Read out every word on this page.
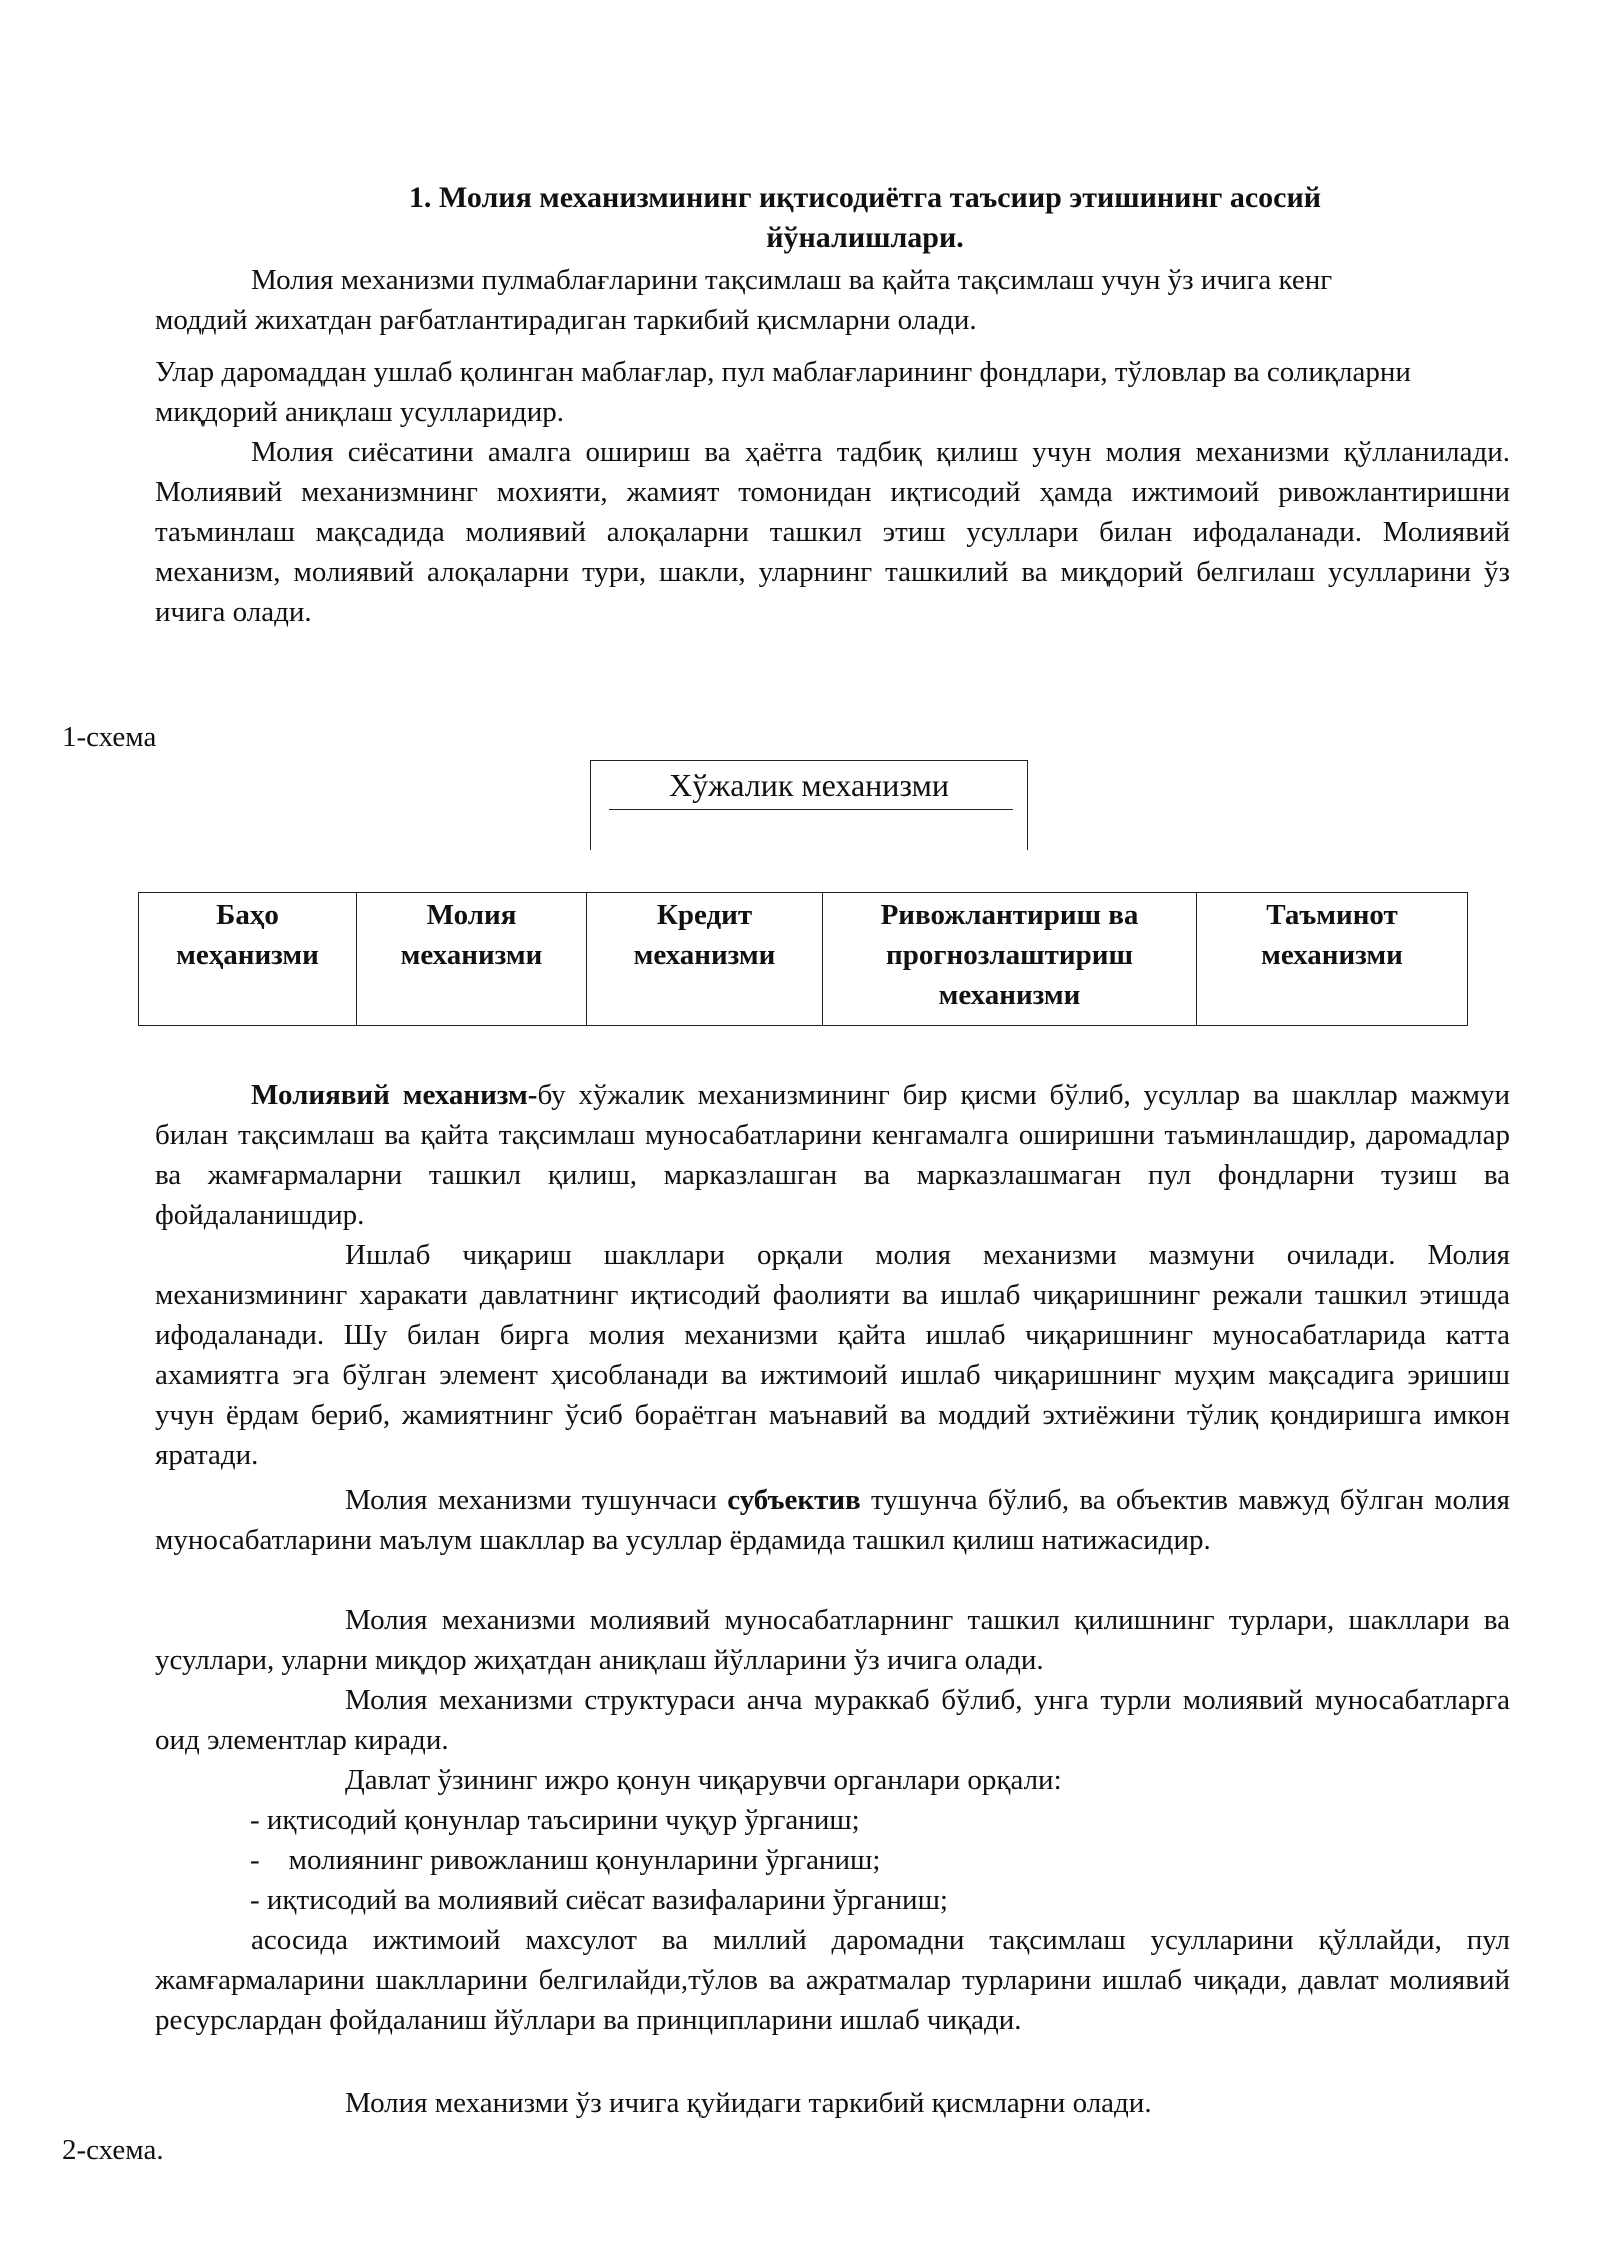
1. Молия механизмининг иқтисодиётга таъсиир этишининг асосий
йўналишлари.
Молия механизми пулмаблағларини тақсимлаш ва қайта тақсимлаш учун ўз ичига кенг
моддий жихатдан рағбатлантирадиган таркибий қисмларни олади.
Улар даромаддан ушлаб қолинган маблағлар, пул маблағларининг фондлари, тўловлар ва солиқларни миқдорий аниқлаш усулларидир.
Молия сиёсатини амалга ошириш ва ҳаётга тадбиқ қилиш учун молия механизми қўлланилади. Молиявий механизмнинг мохияти, жамият томонидан иқтисодий ҳамда ижтимоий ривожлантиришни таъминлаш мақсадида молиявий алоқаларни ташкил этиш усуллари билан ифодаланади. Молиявий механизм, молиявий алоқаларни тури, шакли, уларнинг ташкилий ва миқдорий белгилаш усулларини ўз ичига олади.
1-схема
Хўжалик механизми
Баҳо
меҳанизми
Молия
механизми
Кредит
механизми
Ривожлантириш ва
прогнозлаштириш
механизми
Таъминот
механизми
Молиявий механизм-бу хўжалик механизмининг бир қисми бўлиб, усуллар ва шакллар мажмуи билан тақсимлаш ва қайта тақсимлаш муносабатларини кенгамалга оширишни таъминлашдир, даромадлар ва жамғармаларни ташкил қилиш, марказлашган ва марказлашмаган пул фондларни тузиш ва фойдаланишдир.
Ишлаб чиқариш шакллари орқали молия механизми мазмуни очилади. Молия механизмининг харакати давлатнинг иқтисодий фаолияти ва ишлаб чиқаришнинг режали ташкил этишда ифодаланади. Шу билан бирга молия механизми қайта ишлаб чиқаришнинг муносабатларида катта ахамиятга эга бўлган элемент ҳисобланади ва ижтимоий ишлаб чиқаришнинг муҳим мақсадига эришиш учун ёрдам бериб, жамиятнинг ўсиб бораётган маънавий ва моддий эхтиёжини тўлиқ қондиришга имкон яратади.
Молия механизми тушунчаси субъектив тушунча бўлиб, ва объектив мавжуд бўлган молия муносабатларини маълум шакллар ва усуллар ёрдамида ташкил қилиш натижасидир.
Молия механизми молиявий муносабатларнинг ташкил қилишнинг турлари, шакллари ва усуллари, уларни миқдор жиҳатдан аниқлаш йўлларини ўз ичига олади.
Молия механизми структураси анча мураккаб бўлиб, унга турли молиявий муносабатларга оид элементлар киради.
Давлат ўзининг ижро қонун чиқарувчи органлари орқали:
- иқтисодий қонунлар таъсирини чуқур ўрганиш;
-    молиянинг ривожланиш қонунларини ўрганиш;
- иқтисодий ва молиявий сиёсат вазифаларини ўрганиш;
асосида ижтимоий махсулот ва миллий даромадни тақсимлаш усулларини қўллайди, пул жамғармаларини шаклларини белгилайди,тўлов ва ажратмалар турларини ишлаб чиқади, давлат молиявий ресурслардан фойдаланиш йўллари ва принципларини ишлаб чиқади.
Молия механизми ўз ичига қуйидаги таркибий қисмларни олади.
2-схема.
